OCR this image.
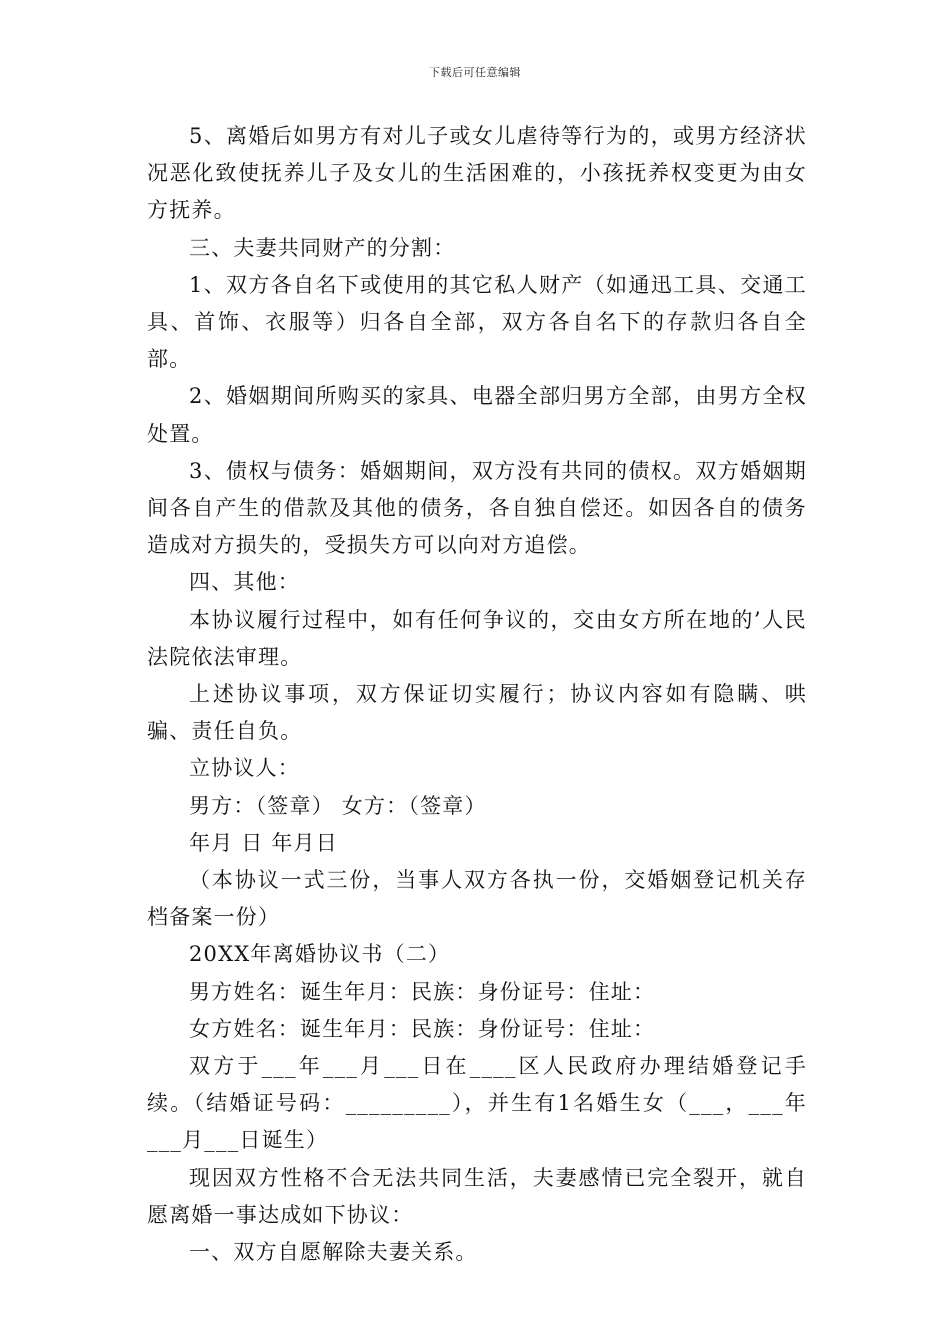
下载后可任意编辑

5、离婚后如男方有对儿子或女儿虐待等行为的，或男方经济状况恶化致使抚养儿子及女儿的生活困难的，小孩抚养权变更为由女方抚养。

三、夫妻共同财产的分割：

1、双方各自名下或使用的其它私人财产（如通迅工具、交通工具、首饰、衣服等）归各自全部，双方各自名下的存款归各自全部。

2、婚姻期间所购买的家具、电器全部归男方全部，由男方全权处置。

3、债权与债务：婚姻期间，双方没有共同的债权。双方婚姻期间各自产生的借款及其他的债务，各自独自偿还。如因各自的债务造成对方损失的，受损失方可以向对方追偿。

四、其他：

本协议履行过程中，如有任何争议的，交由女方所在地的’人民法院依法审理。

上述协议事项，双方保证切实履行；协议内容如有隐瞒、哄骗、责任自负。

立协议人：

男方：（签章） 女方：（签章）

年月 日 年月日

（本协议一式三份，当事人双方各执一份，交婚姻登记机关存档备案一份）

20XX年离婚协议书（二）

男方姓名：诞生年月：民族：身份证号：住址：

女方姓名：诞生年月：民族：身份证号：住址：

双方于___年___月___日在____区人民政府办理结婚登记手续。（结婚证号码：_________），并生有1名婚生女（___，___年___月___日诞生）

现因双方性格不合无法共同生活，夫妻感情已完全裂开，就自愿离婚一事达成如下协议：

一、双方自愿解除夫妻关系。
